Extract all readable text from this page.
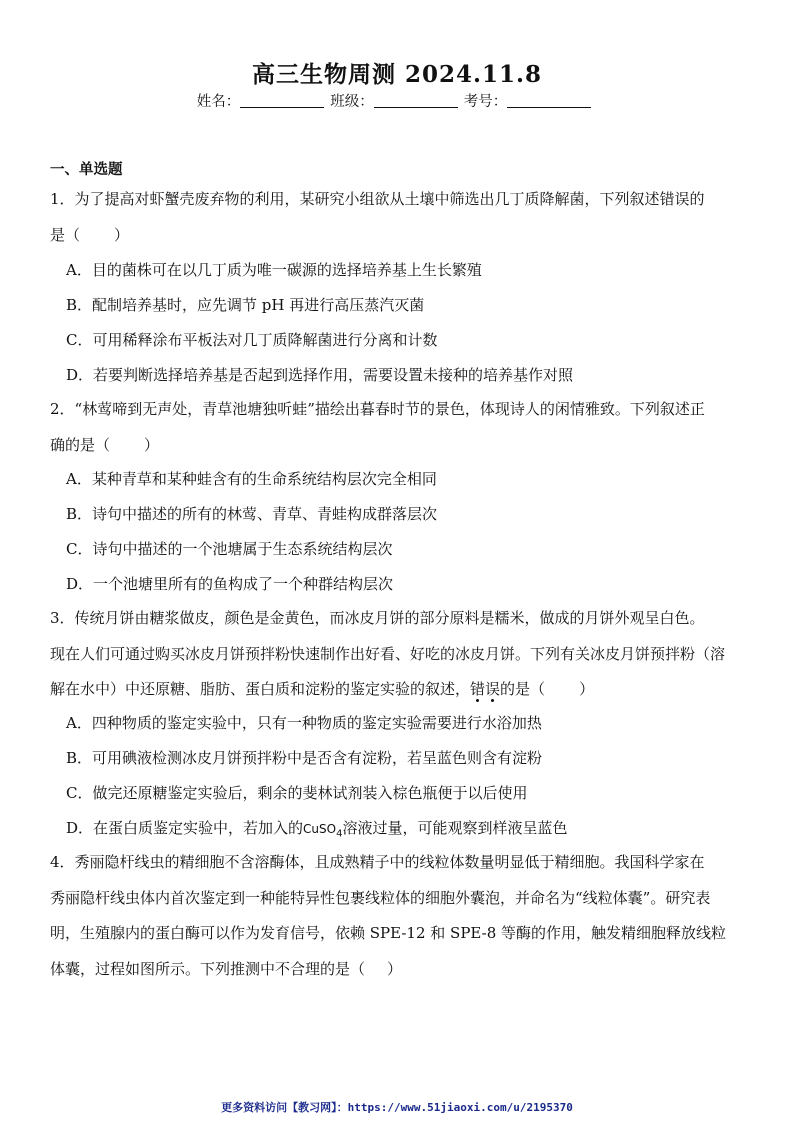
高三生物周测 2024.11.8
姓名：	班级：	考号：
一、单选题
1．为了提高对虾蟹壳废弃物的利用，某研究小组欲从土壤中筛选出几丁质降解菌，下列叙述错误的
是（ ）
A．目的菌株可在以几丁质为唯一碳源的选择培养基上生长繁殖
B．配制培养基时，应先调节 pH 再进行高压蒸汽灭菌
C．可用稀释涂布平板法对几丁质降解菌进行分离和计数
D．若要判断选择培养基是否起到选择作用，需要设置未接种的培养基作对照
2．“林莺啼到无声处，青草池塘独听蛙”描绘出暮春时节的景色，体现诗人的闲情雅致。下列叙述正
确的是（ ）
A．某种青草和某种蛙含有的生命系统结构层次完全相同
B．诗句中描述的所有的林莺、青草、青蛙构成群落层次
C．诗句中描述的一个池塘属于生态系统结构层次
D．一个池塘里所有的鱼构成了一个种群结构层次
3．传统月饼由糖浆做皮，颜色是金黄色，而冰皮月饼的部分原料是糯米，做成的月饼外观呈白色。
现在人们可通过购买冰皮月饼预拌粉快速制作出好看、好吃的冰皮月饼。下列有关冰皮月饼预拌粉（溶
解在水中）中还原糖、脂肪、蛋白质和淀粉的鉴定实验的叙述，错误的是（ ）
A．四种物质的鉴定实验中，只有一种物质的鉴定实验需要进行水浴加热
B．可用碘液检测冰皮月饼预拌粉中是否含有淀粉，若呈蓝色则含有淀粉
C．做完还原糖鉴定实验后，剩余的斐林试剂装入棕色瓶便于以后使用
D．在蛋白质鉴定实验中，若加入的CuSO$_4$溶液过量，可能观察到样液呈蓝色
4．秀丽隐杆线虫的精细胞不含溶酶体，且成熟精子中的线粒体数量明显低于精细胞。我国科学家在
秀丽隐杆线虫体内首次鉴定到一种能特异性包裹线粒体的细胞外囊泡，并命名为“线粒体囊”。研究表
明，生殖腺内的蛋白酶可以作为发育信号，依赖 SPE-12 和 SPE-8 等酶的作用，触发精细胞释放线粒
体囊，过程如图所示。下列推测中不合理的是（ ）
更多资料访问【教习网】：https://www.51jiaoxi.com/u/2195370
